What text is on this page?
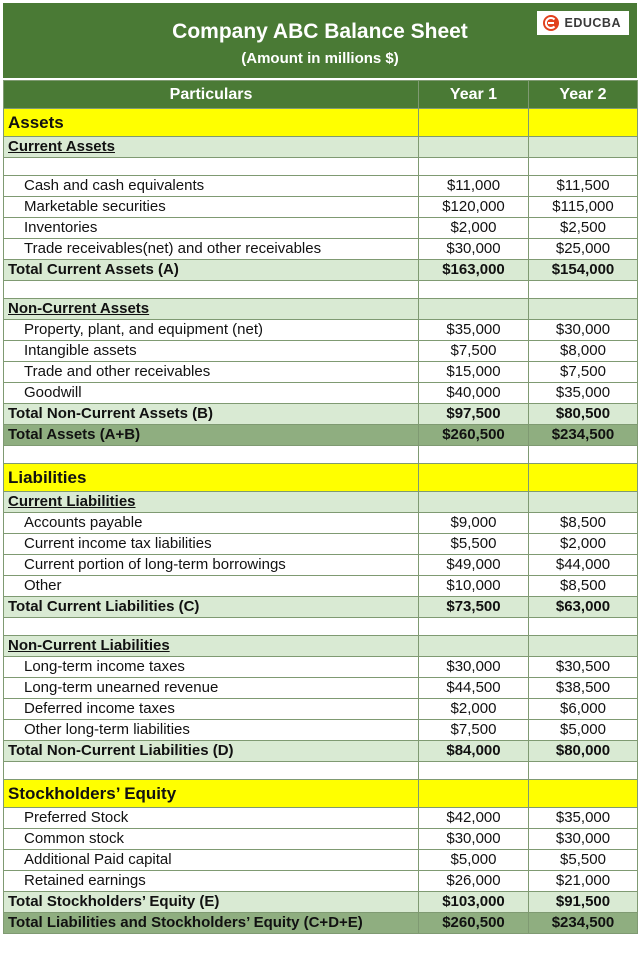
Company ABC Balance Sheet
(Amount in millions $)
EDUCBA
Particulars	Year 1	Year 2
Assets		
Current Assets		

Cash and cash equivalents	$11,000	$11,500
Marketable securities	$120,000	$115,000
Inventories	$2,000	$2,500
Trade receivables(net) and other receivables	$30,000	$25,000
Total Current Assets (A)	$163,000	$154,000

Non-Current Assets		
Property, plant, and equipment (net)	$35,000	$30,000
Intangible assets	$7,500	$8,000
Trade and other receivables	$15,000	$7,500
Goodwill	$40,000	$35,000
Total Non-Current Assets (B)	$97,500	$80,500
Total Assets (A+B)	$260,500	$234,500

Liabilities		
Current Liabilities		
Accounts payable	$9,000	$8,500
Current income tax liabilities	$5,500	$2,000
Current portion of long-term borrowings	$49,000	$44,000
Other	$10,000	$8,500
Total Current Liabilities (C)	$73,500	$63,000

Non-Current Liabilities		
Long-term income taxes	$30,000	$30,500
Long-term unearned revenue	$44,500	$38,500
Deferred income taxes	$2,000	$6,000
Other long-term liabilities	$7,500	$5,000
Total Non-Current Liabilities (D)	$84,000	$80,000

Stockholders’ Equity		
Preferred Stock	$42,000	$35,000
Common stock	$30,000	$30,000
Additional Paid capital	$5,000	$5,500
Retained earnings	$26,000	$21,000
Total Stockholders’ Equity (E)	$103,000	$91,500
Total Liabilities and Stockholders’ Equity (C+D+E)	$260,500	$234,500
